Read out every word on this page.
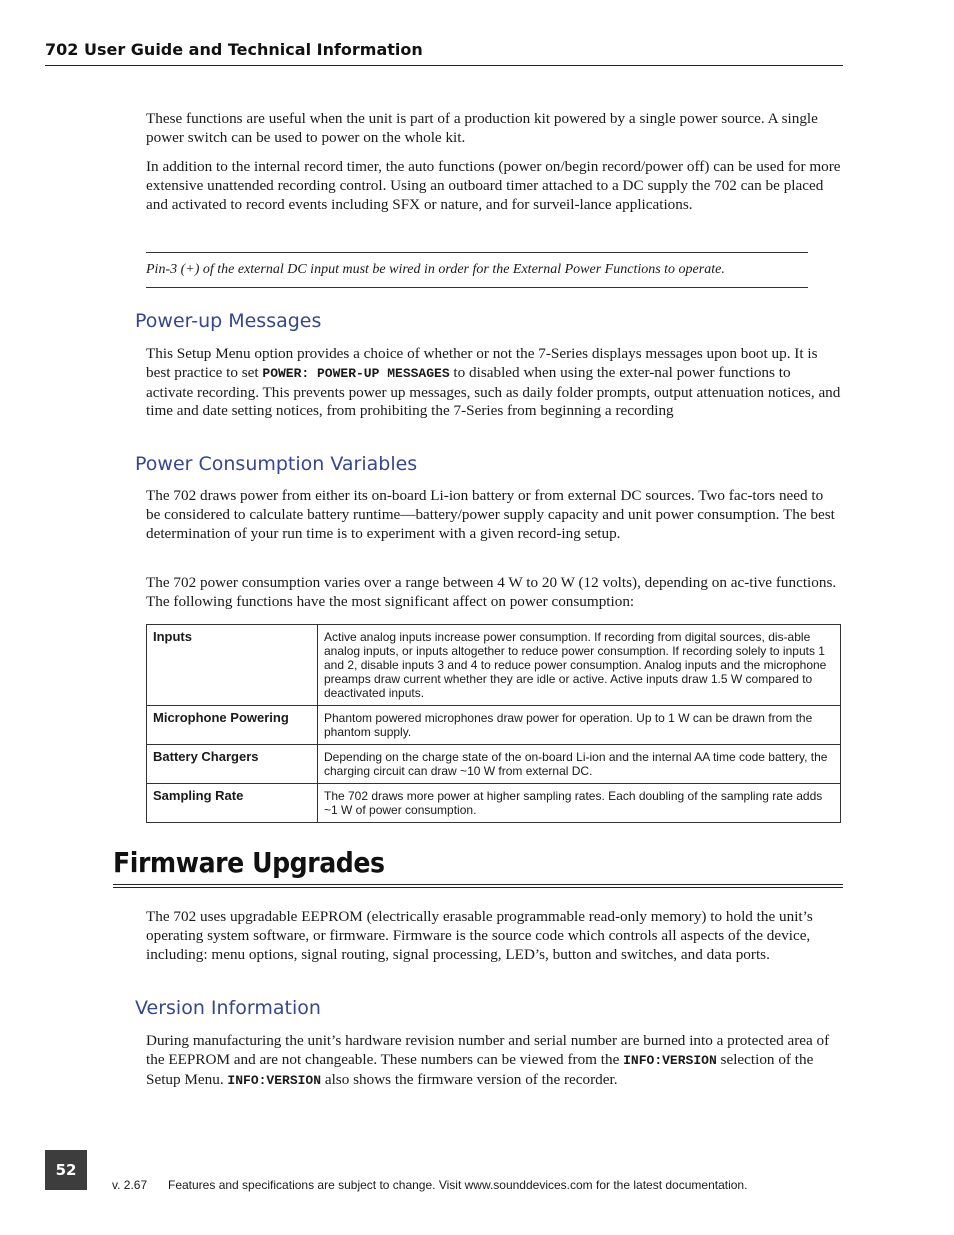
702 User Guide and Technical Information

These functions are useful when the unit is part of a production kit powered by a single power source. A single power switch can be used to power on the whole kit.

In addition to the internal record timer, the auto functions (power on/begin record/power off) can be used for more extensive unattended recording control. Using an outboard timer attached to a DC supply the 702 can be placed and activated to record events including SFX or nature, and for surveil-lance applications.

Pin-3 (+) of the external DC input must be wired in order for the External Power Functions to operate.

Power-up Messages

This Setup Menu option provides a choice of whether or not the 7-Series displays messages upon boot up. It is best practice to set POWER: POWER-UP MESSAGES to disabled when using the exter-nal power functions to activate recording. This prevents power up messages, such as daily folder prompts, output attenuation notices, and time and date setting notices, from prohibiting the 7-Series from beginning a recording

Power Consumption Variables

The 702 draws power from either its on-board Li-ion battery or from external DC sources. Two fac-tors need to be considered to calculate battery runtime—battery/power supply capacity and unit power consumption. The best determination of your run time is to experiment with a given record-ing setup.

The 702 power consumption varies over a range between 4 W to 20 W (12 volts), depending on ac-tive functions. The following functions have the most significant affect on power consumption:

Inputs	Active analog inputs increase power consumption. If recording from digital sources, dis-able analog inputs, or inputs altogether to reduce power consumption. If recording solely to inputs 1 and 2, disable inputs 3 and 4 to reduce power consumption. Analog inputs and the microphone preamps draw current whether they are idle or active. Active inputs draw 1.5 W compared to deactivated inputs.
Microphone Powering	Phantom powered microphones draw power for operation. Up to 1 W can be drawn from the phantom supply.
Battery Chargers	Depending on the charge state of the on-board Li-ion and the internal AA time code battery, the charging circuit can draw ~10 W from external DC.
Sampling Rate	The 702 draws more power at higher sampling rates. Each doubling of the sampling rate adds ~1 W of power consumption.
Firmware Upgrades

The 702 uses upgradable EEPROM (electrically erasable programmable read-only memory) to hold the unit’s operating system software, or firmware. Firmware is the source code which controls all aspects of the device, including: menu options, signal routing, signal processing, LED’s, button and switches, and data ports.

Version Information

During manufacturing the unit’s hardware revision number and serial number are burned into a protected area of the EEPROM and are not changeable. These numbers can be viewed from the INFO:VERSION selection of the Setup Menu. INFO:VERSION also shows the firmware version of the recorder.

52
v. 2.67 Features and specifications are subject to change. Visit www.sounddevices.com for the latest documentation.
